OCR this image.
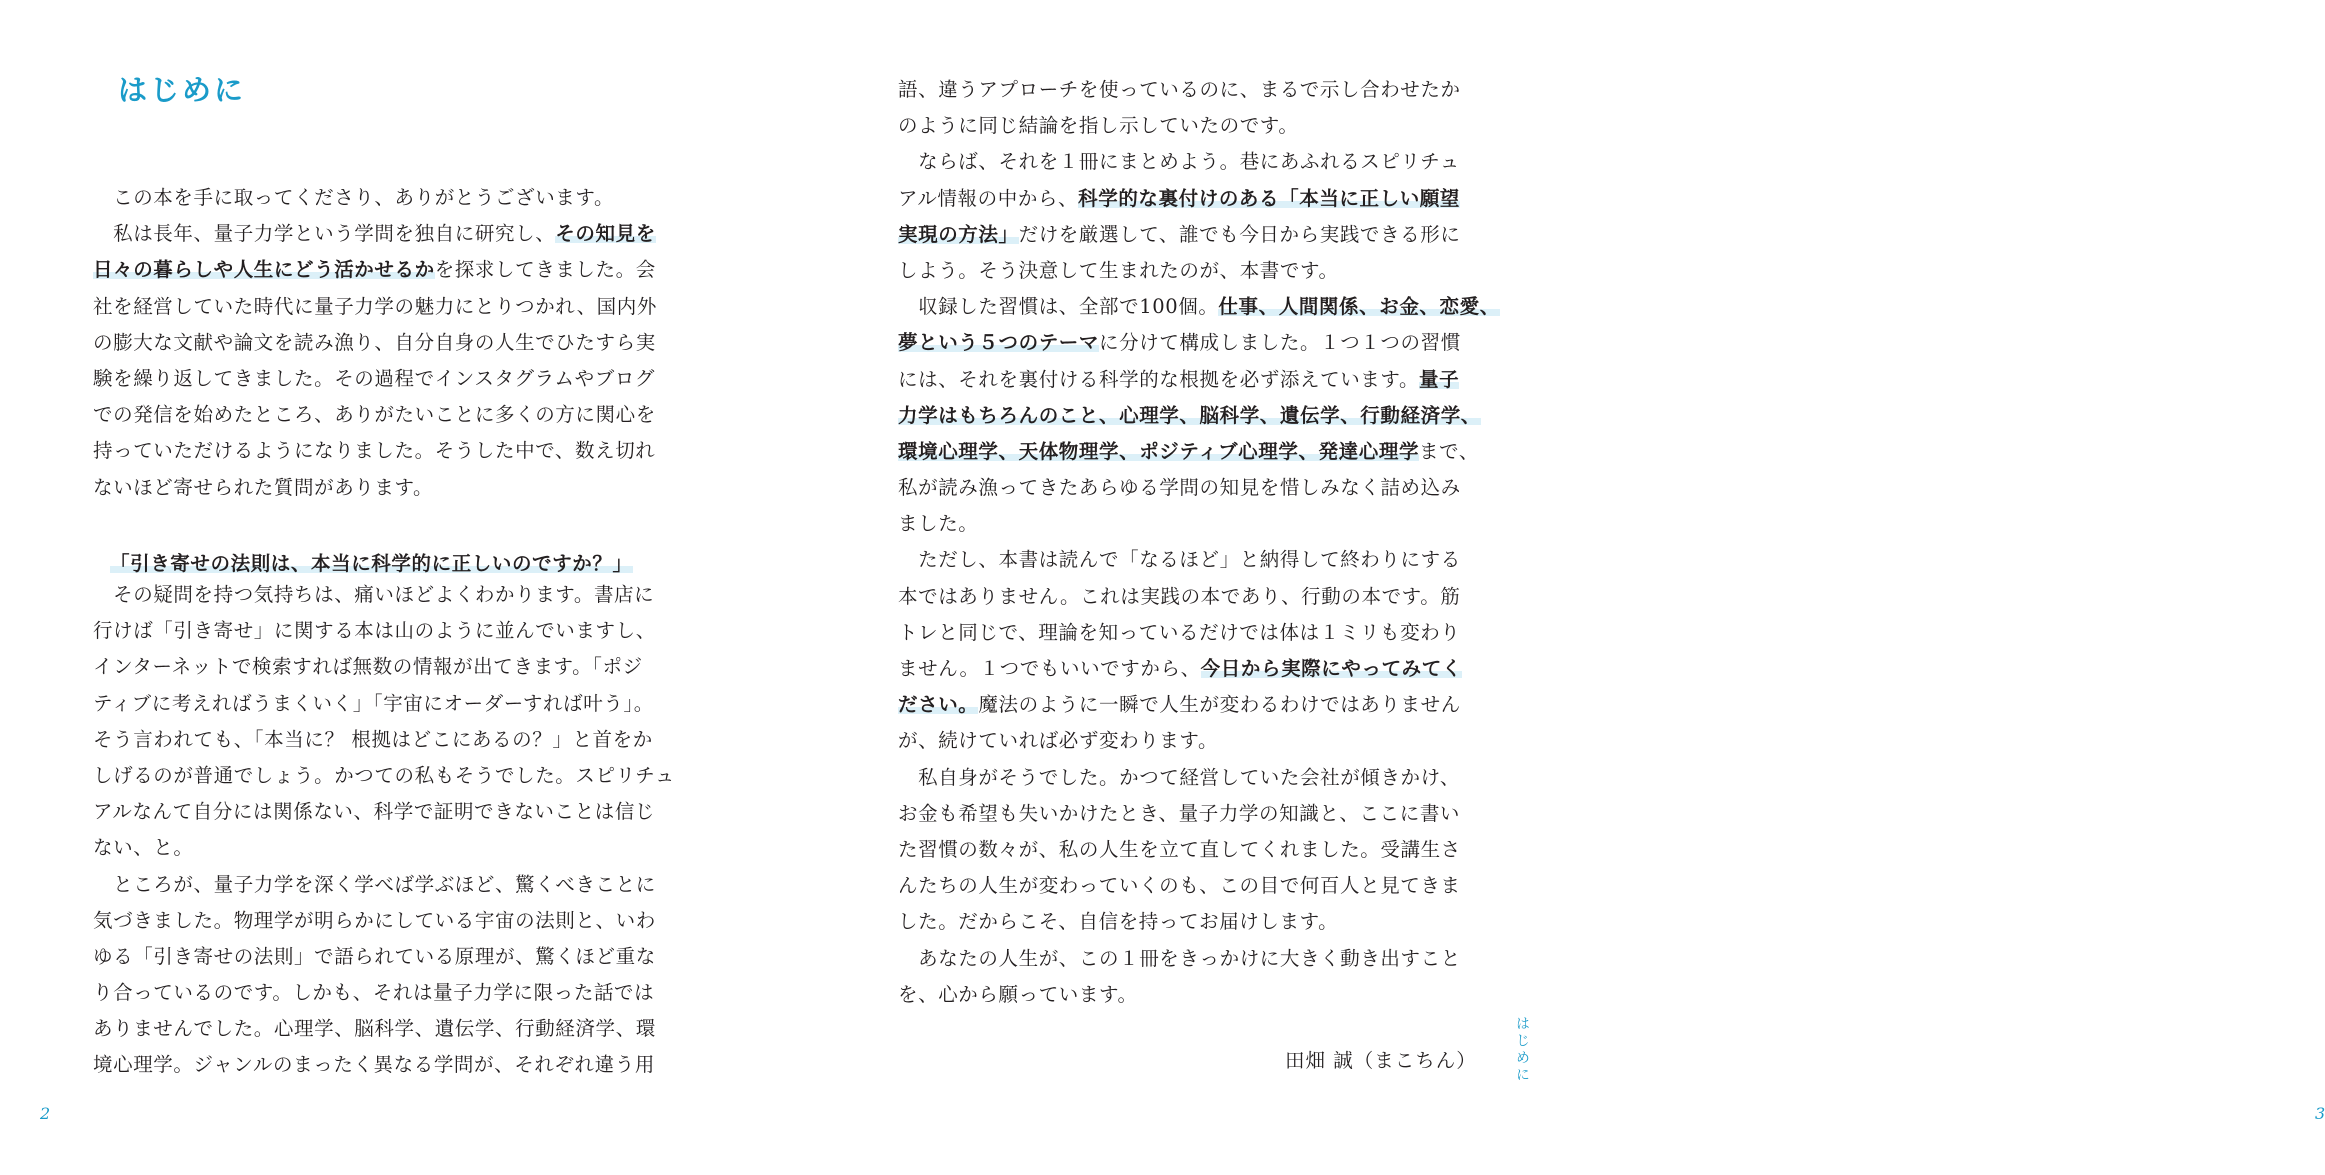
はじめに
　この本を手に取ってくださり、ありがとうございます。
　私は長年、量子力学という学問を独自に研究し、その知見を
日々の暮らしや人生にどう活かせるかを探求してきました。会
社を経営していた時代に量子力学の魅力にとりつかれ、国内外
の膨大な文献や論文を読み漁り、自分自身の人生でひたすら実
験を繰り返してきました。その過程でインスタグラムやブログ
での発信を始めたところ、ありがたいことに多くの方に関心を
持っていただけるようになりました。そうした中で、数え切れ
ないほど寄せられた質問があります。

「引き寄せの法則は、本当に科学的に正しいのですか？」

　その疑問を持つ気持ちは、痛いほどよくわかります。書店に
行けば「引き寄せ」に関する本は山のように並んでいますし、
インターネットで検索すれば無数の情報が出てきます。「ポジ
ティブに考えればうまくいく」「宇宙にオーダーすれば叶う」。
そう言われても、「本当に？ 根拠はどこにあるの？」と首をか
しげるのが普通でしょう。かつての私もそうでした。スピリチュ
アルなんて自分には関係ない、科学で証明できないことは信じ
ない、と。
　ところが、量子力学を深く学べば学ぶほど、驚くべきことに
気づきました。物理学が明らかにしている宇宙の法則と、いわ
ゆる「引き寄せの法則」で語られている原理が、驚くほど重な
り合っているのです。しかも、それは量子力学に限った話では
ありませんでした。心理学、脳科学、遺伝学、行動経済学、環
境心理学。ジャンルのまったく異なる学問が、それぞれ違う用
2	3
語、違うアプローチを使っているのに、まるで示し合わせたか
のように同じ結論を指し示していたのです。
　ならば、それを１冊にまとめよう。巷にあふれるスピリチュ
アル情報の中から、科学的な裏付けのある「本当に正しい願望
実現の方法」だけを厳選して、誰でも今日から実践できる形に
しよう。そう決意して生まれたのが、本書です。
　収録した習慣は、全部で100個。仕事、人間関係、お金、恋愛、
夢という５つのテーマに分けて構成しました。１つ１つの習慣
には、それを裏付ける科学的な根拠を必ず添えています。量子
力学はもちろんのこと、心理学、脳科学、遺伝学、行動経済学、
環境心理学、天体物理学、ポジティブ心理学、発達心理学まで、
私が読み漁ってきたあらゆる学問の知見を惜しみなく詰め込み
ました。
　ただし、本書は読んで「なるほど」と納得して終わりにする
本ではありません。これは実践の本であり、行動の本です。筋
トレと同じで、理論を知っているだけでは体は１ミリも変わり
ません。１つでもいいですから、今日から実際にやってみてく
ださい。魔法のように一瞬で人生が変わるわけではありません
が、続けていれば必ず変わります。
　私自身がそうでした。かつて経営していた会社が傾きかけ、
お金も希望も失いかけたとき、量子力学の知識と、ここに書い
た習慣の数々が、私の人生を立て直してくれました。受講生さ
んたちの人生が変わっていくのも、この目で何百人と見てきま
した。だからこそ、自信を持ってお届けします。
　あなたの人生が、この１冊をきっかけに大きく動き出すこと
を、心から願っています。

田畑 誠（まこちん）	はじめに
